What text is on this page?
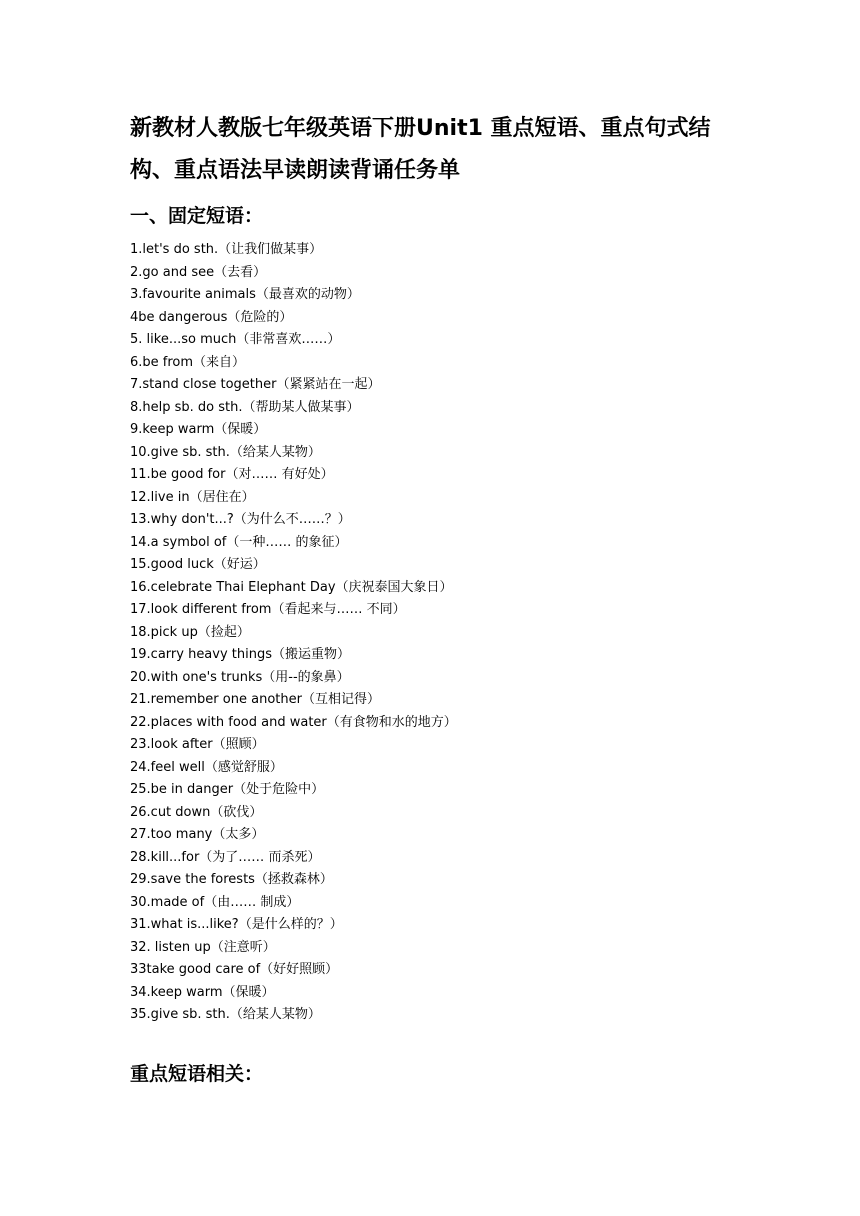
新教材人教版七年级英语下册Unit1 重点短语、重点句式结构、重点语法早读朗读背诵任务单
一、固定短语：
1.let's do sth.（让我们做某事）
2.go and see（去看）
3.favourite animals（最喜欢的动物）
4be dangerous（危险的）
5. like...so much（非常喜欢……）
6.be from（来自）
7.stand close together（紧紧站在一起）
8.help sb. do sth.（帮助某人做某事）
9.keep warm（保暖）
10.give sb. sth.（给某人某物）
11.be good for（对…… 有好处）
12.live in（居住在）
13.why don't...?（为什么不……？）
14.a symbol of（一种…… 的象征）
15.good luck（好运）
16.celebrate Thai Elephant Day（庆祝泰国大象日）
17.look different from（看起来与…… 不同）
18.pick up（捡起）
19.carry heavy things（搬运重物）
20.with one's trunks（用--的象鼻）
21.remember one another（互相记得）
22.places with food and water（有食物和水的地方）
23.look after（照顾）
24.feel well（感觉舒服）
25.be in danger（处于危险中）
26.cut down（砍伐）
27.too many（太多）
28.kill...for（为了…… 而杀死）
29.save the forests（拯救森林）
30.made of（由…… 制成）
31.what is...like?（是什么样的？）
32. listen up（注意听）
33take good care of（好好照顾）
34.keep warm（保暖）
35.give sb. sth.（给某人某物）
重点短语相关：
